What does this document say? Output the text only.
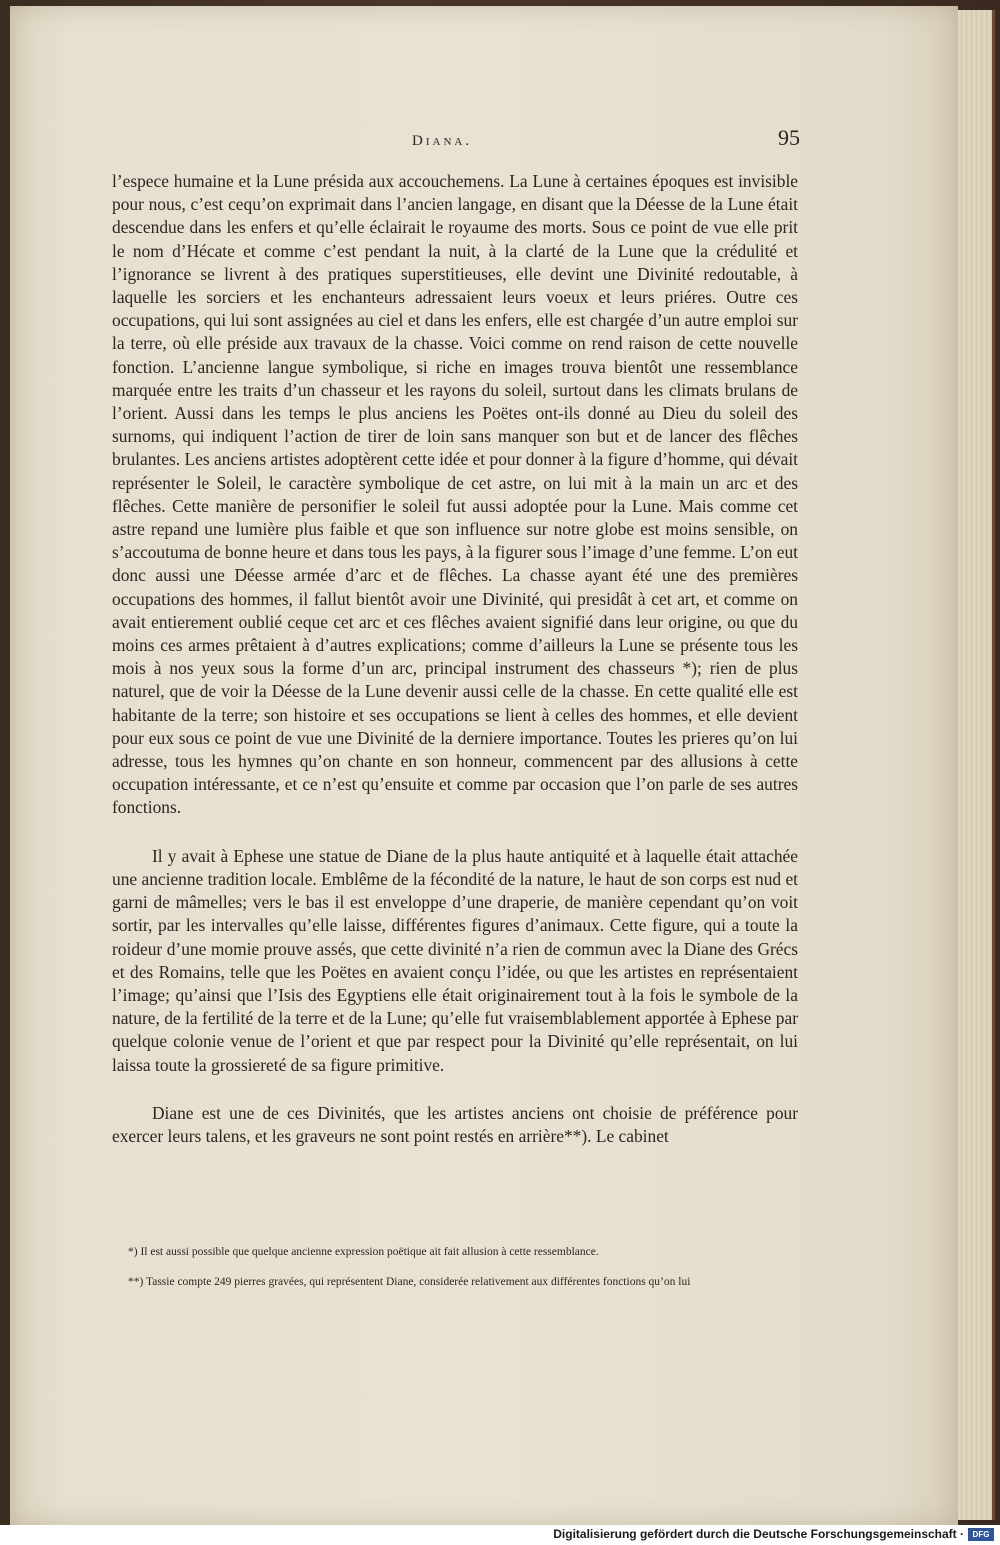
Diana.	95

l’espece humaine et la Lune présida aux accouchemens. La Lune à certaines époques est invisible pour nous, c’est cequ’on exprimait dans l’ancien langage, en disant que la Déesse de la Lune était descendue dans les enfers et qu’elle éclairait le royaume des morts. Sous ce point de vue elle prit le nom d’Hécate et comme c’est pendant la nuit, à la clarté de la Lune que la crédulité et l’ignorance se livrent à des pratiques superstitieuses, elle devint une Divinité redoutable, à laquelle les sorciers et les enchanteurs adressaient leurs voeux et leurs priéres. Outre ces occupations, qui lui sont assignées au ciel et dans les enfers, elle est chargée d’un autre emploi sur la terre, où elle préside aux travaux de la chasse. Voici comme on rend raison de cette nouvelle fonction. L’ancienne langue symbolique, si riche en images trouva bientôt une ressemblance marquée entre les traits d’un chasseur et les rayons du soleil, surtout dans les climats brulans de l’orient. Aussi dans les temps le plus anciens les Poëtes ont-ils donné au Dieu du soleil des surnoms, qui indiquent l’action de tirer de loin sans manquer son but et de lancer des flêches brulantes. Les anciens artistes adoptèrent cette idée et pour donner à la figure d’homme, qui dévait représenter le Soleil, le caractère symbolique de cet astre, on lui mit à la main un arc et des flêches. Cette manière de personifier le soleil fut aussi adoptée pour la Lune. Mais comme cet astre repand une lumière plus faible et que son influence sur notre globe est moins sensible, on s’accoutuma de bonne heure et dans tous les pays, à la figurer sous l’image d’une femme. L’on eut donc aussi une Déesse armée d’arc et de flêches. La chasse ayant été une des premières occupations des hommes, il fallut bientôt avoir une Divinité, qui presidât à cet art, et comme on avait entierement oublié ceque cet arc et ces flêches avaient signifié dans leur origine, ou que du moins ces armes prêtaient à d’autres explications; comme d’ailleurs la Lune se présente tous les mois à nos yeux sous la forme d’un arc, principal instrument des chasseurs *); rien de plus naturel, que de voir la Déesse de la Lune devenir aussi celle de la chasse. En cette qualité elle est habitante de la terre; son histoire et ses occupations se lient à celles des hommes, et elle devient pour eux sous ce point de vue une Divinité de la derniere importance. Toutes les prieres qu’on lui adresse, tous les hymnes qu’on chante en son honneur, commencent par des allusions à cette occupation intéressante, et ce n’est qu’ensuite et comme par occasion que l’on parle de ses autres fonctions.

Il y avait à Ephese une statue de Diane de la plus haute antiquité et à laquelle était attachée une ancienne tradition locale. Emblême de la fécondité de la nature, le haut de son corps est nud et garni de mâmelles; vers le bas il est enveloppe d’une draperie, de manière cependant qu’on voit sortir, par les intervalles qu’elle laisse, différentes figures d’animaux. Cette figure, qui a toute la roideur d’une momie prouve assés, que cette divinité n’a rien de commun avec la Diane des Grécs et des Romains, telle que les Poëtes en avaient conçu l’idée, ou que les artistes en représentaient l’image; qu’ainsi que l’Isis des Egyptiens elle était originairement tout à la fois le symbole de la nature, de la fertilité de la terre et de la Lune; qu’elle fut vraisemblablement apportée à Ephese par quelque colonie venue de l’orient et que par respect pour la Divinité qu’elle représentait, on lui laissa toute la grossiereté de sa figure primitive.

Diane est une de ces Divinités, que les artistes anciens ont choisie de préférence pour exercer leurs talens, et les graveurs ne sont point restés en arrière**). Le cabinet

*) Il est aussi possible que quelque ancienne expression poëtique ait fait allusion à cette ressemblance.

**) Tassie compte 249 pierres gravées, qui représentent Diane, considerée relativement aux différentes fonctions qu’on lui

Digitalisierung gefördert durch die Deutsche Forschungsgemeinschaft ·	DFG
